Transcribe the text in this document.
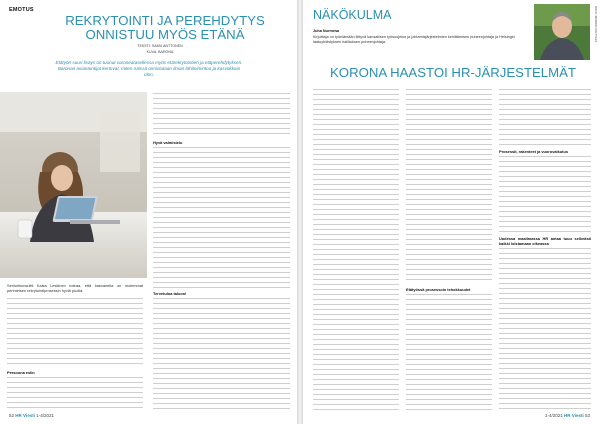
EMOTUS
REKRYTOINTI JA PEREHDYTYS ONNISTUU MYÖS ETÄNÄ
TEKSTI: SAMU ANTTONEN
KUVA: BARONA
Etätyön suuri lisäys on tuonut varoneatasellessa myös etärekrytointien ja etäperehdytyksen. Baronan asiantuntijat kertovat, miten näissä onnistutaan ilman lähitoimintoa ja kasvokkain olon.
Seniorikonsultti Kaisa Leskinen toteaa, että kasvaneita on molemmat perinteisen rekrytointiprosessin hyviä puolia.
Persoona esiin
Hyvä valmistelu
Tervetuloa taloon!
52 HR Viesti 1-4/2021
NÄKÖKULMA
Juha Nurmesa
Kirjoittaja on työelämään liittyvä kansallisen työsuojelun ja johtamisjärjestelmien kehittämisen puheenjohtaja ja Helsingin laatuyhdistyksen hallituksen puheenjohtaja.	KUVA: MARKKU PETTAJA
KORONA HAASTOI HR-JÄRJESTELMÄT
Etätyössä prosessoin tehokkuudet
Prosessit, rakenteet ja vuorovaikutus
Uudessa maailmassa HR antaa tuuu selkeästi kaikki loistamaan oikeassa
1-4/2021 HR Viesti 53
